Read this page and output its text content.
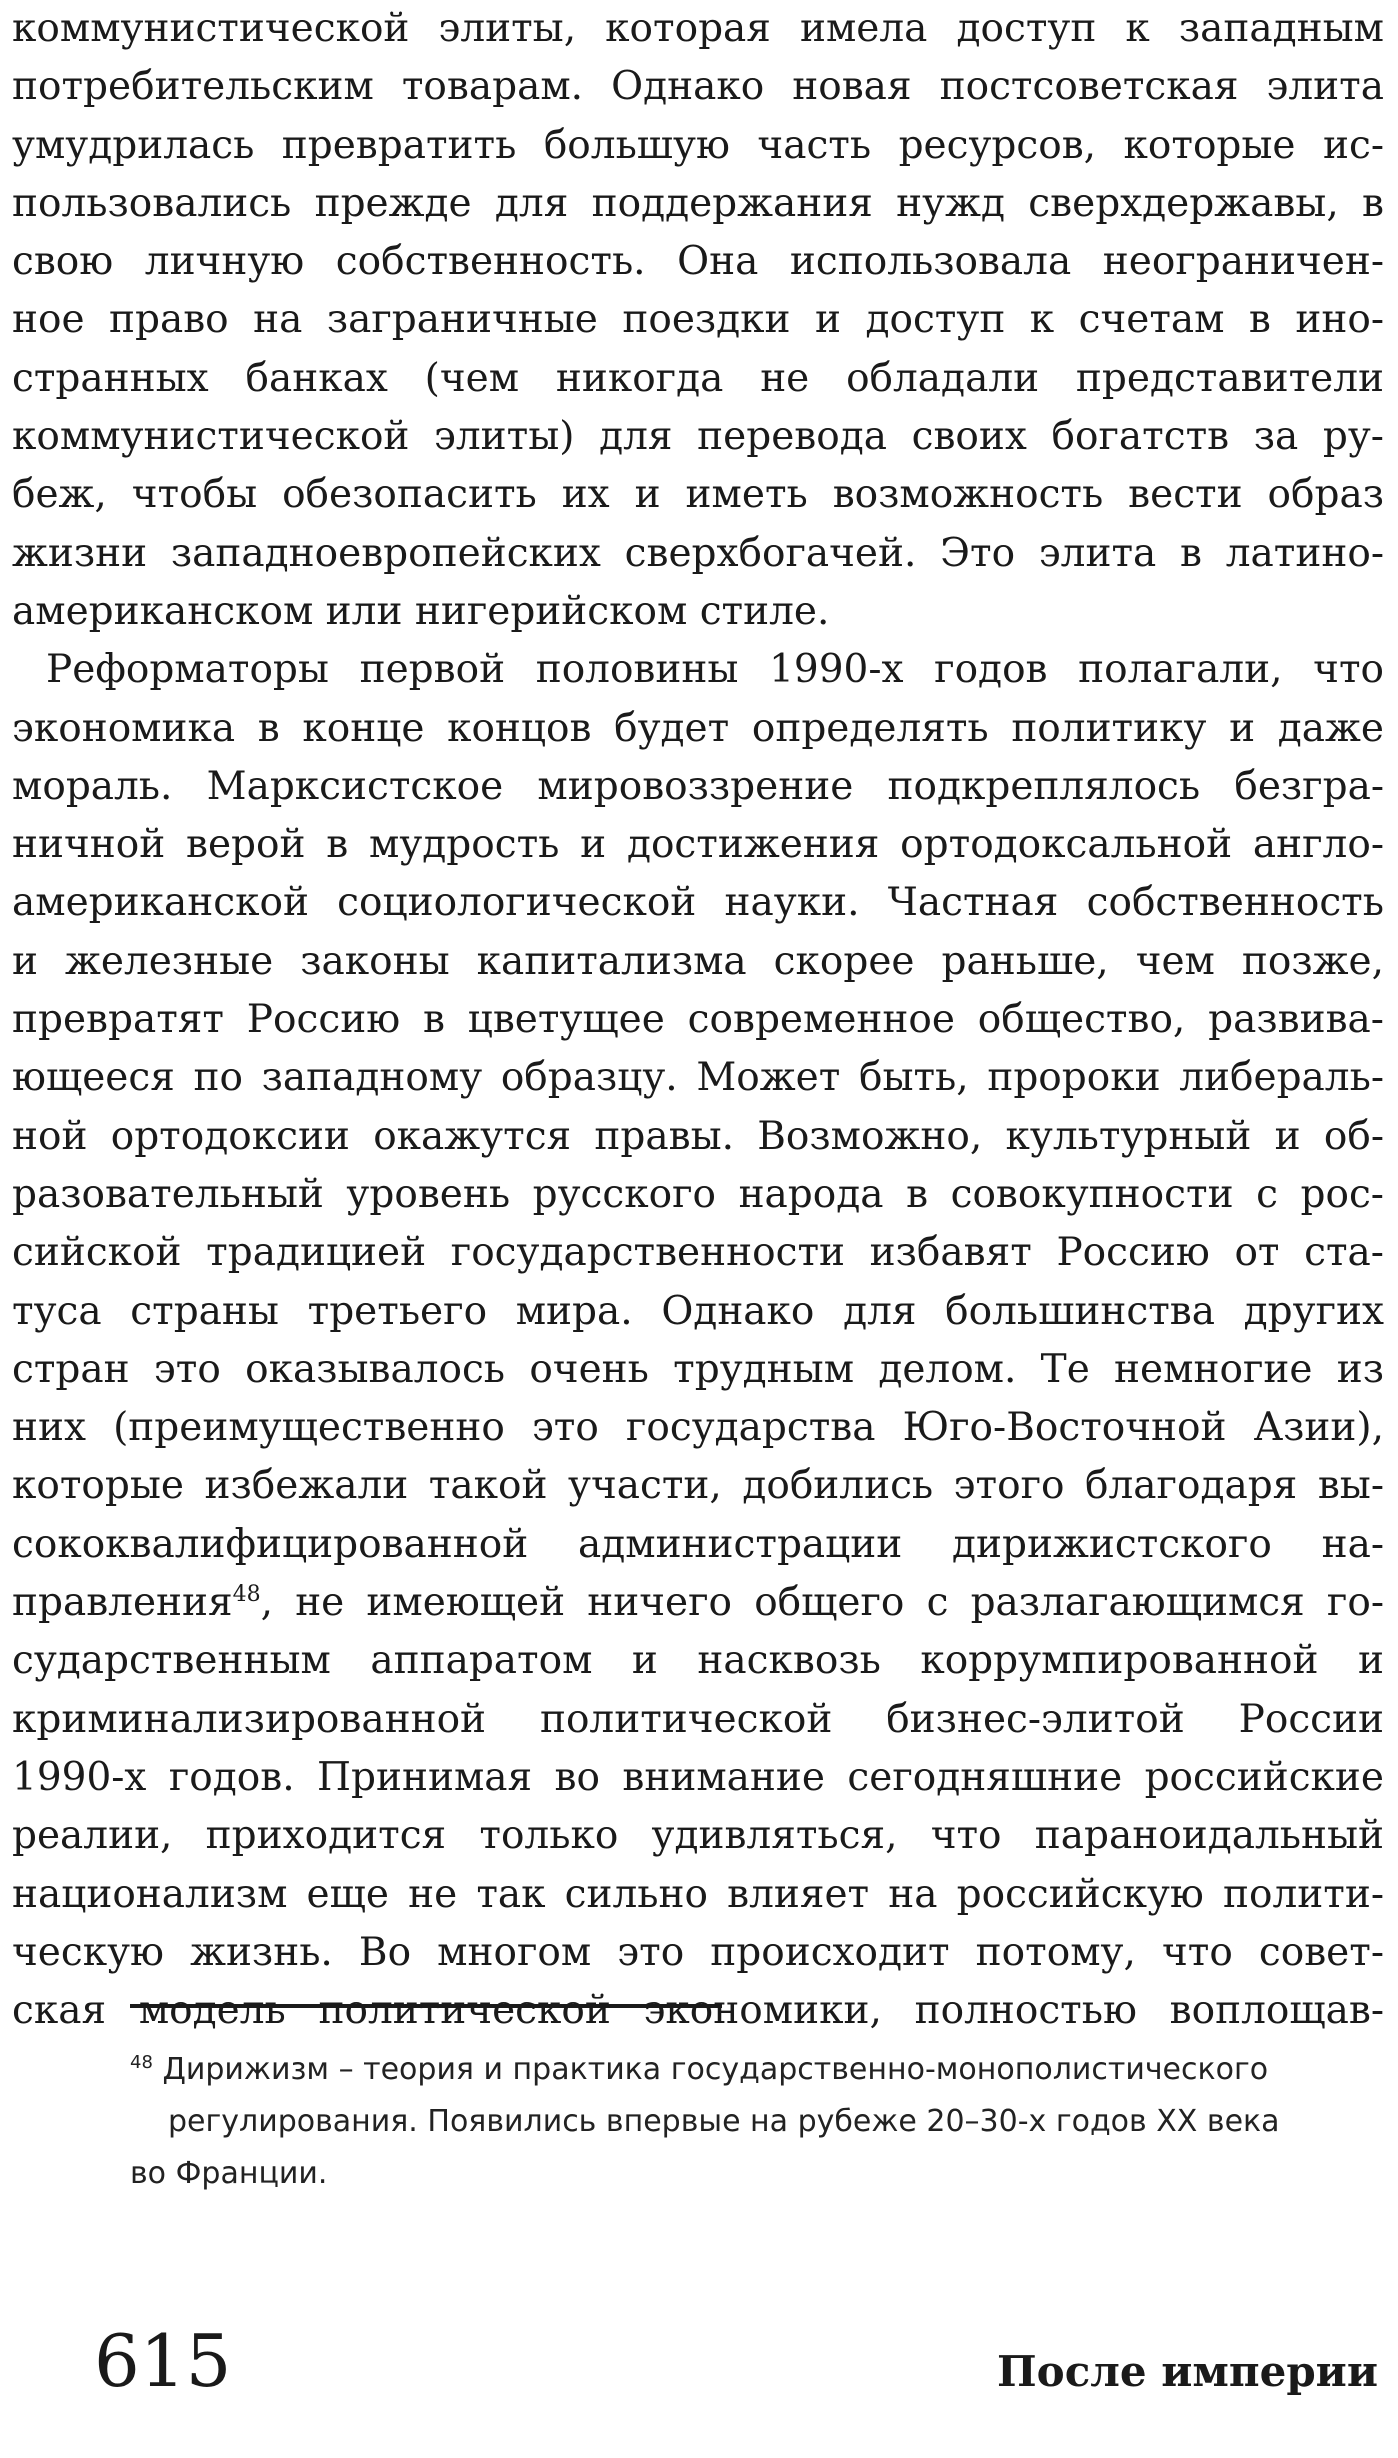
коммунистической элиты, которая имела доступ к западным
потребительским товарам. Однако новая постсоветская элита
умудрилась превратить большую часть ресурсов, которые ис-
пользовались прежде для поддержания нужд сверхдержавы, в
свою личную собственность. Она использовала неограничен-
ное право на заграничные поездки и доступ к счетам в ино-
странных банках (чем никогда не обладали представители
коммунистической элиты) для перевода своих богатств за ру-
беж, чтобы обезопасить их и иметь возможность вести образ
жизни западноевропейских сверхбогачей. Это элита в латино-
американском или нигерийском стиле.

Реформаторы первой половины 1990-х годов полагали, что
экономика в конце концов будет определять политику и даже
мораль. Марксистское мировоззрение подкреплялось безгра-
ничной верой в мудрость и достижения ортодоксальной англо-
американской социологической науки. Частная собственность
и железные законы капитализма скорее раньше, чем позже,
превратят Россию в цветущее современное общество, развива-
ющееся по западному образцу. Может быть, пророки либераль-
ной ортодоксии окажутся правы. Возможно, культурный и об-
разовательный уровень русского народа в совокупности с рос-
сийской традицией государственности избавят Россию от ста-
туса страны третьего мира. Однако для большинства других
стран это оказывалось очень трудным делом. Те немногие из
них (преимущественно это государства Юго-Восточной Азии),
которые избежали такой участи, добились этого благодаря вы-
сококвалифицированной администрации дирижистского на-
правления$^{48}$, не имеющей ничего общего с разлагающимся го-
сударственным аппаратом и насквозь коррумпированной и
криминализированной политической бизнес-элитой России
1990-х годов. Принимая во внимание сегодняшние российские
реалии, приходится только удивляться, что параноидальный
национализм еще не так сильно влияет на российскую полити-
ческую жизнь. Во многом это происходит потому, что совет-
ская модель политической экономики, полностью воплощав-

$^{48}$ Дирижизм – теория и практика государственно-монополистического
регулирования. Появились впервые на рубеже 20–30-х годов XX века
во Франции.
615	После империи
